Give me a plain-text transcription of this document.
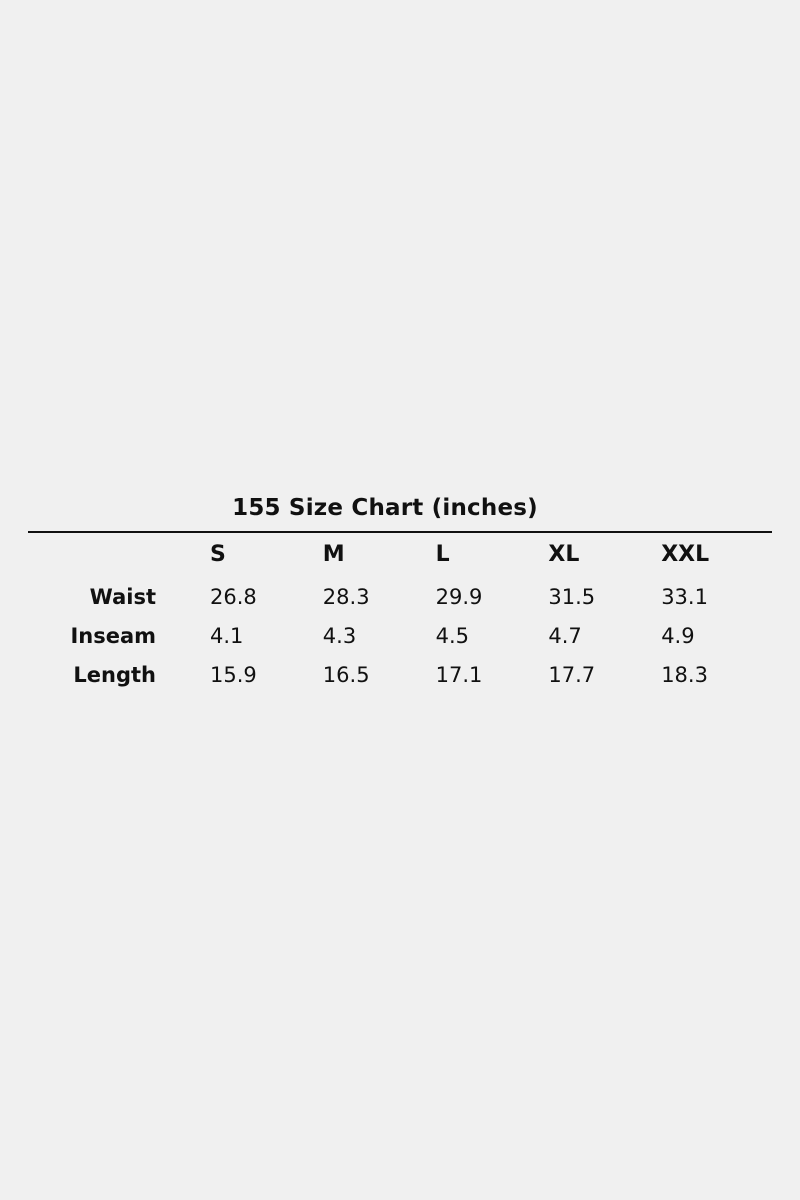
155 Size Chart (inches)
	S	M	L	XL	XXL
Waist	26.8	28.3	29.9	31.5	33.1
Inseam	4.1	4.3	4.5	4.7	4.9
Length	15.9	16.5	17.1	17.7	18.3
